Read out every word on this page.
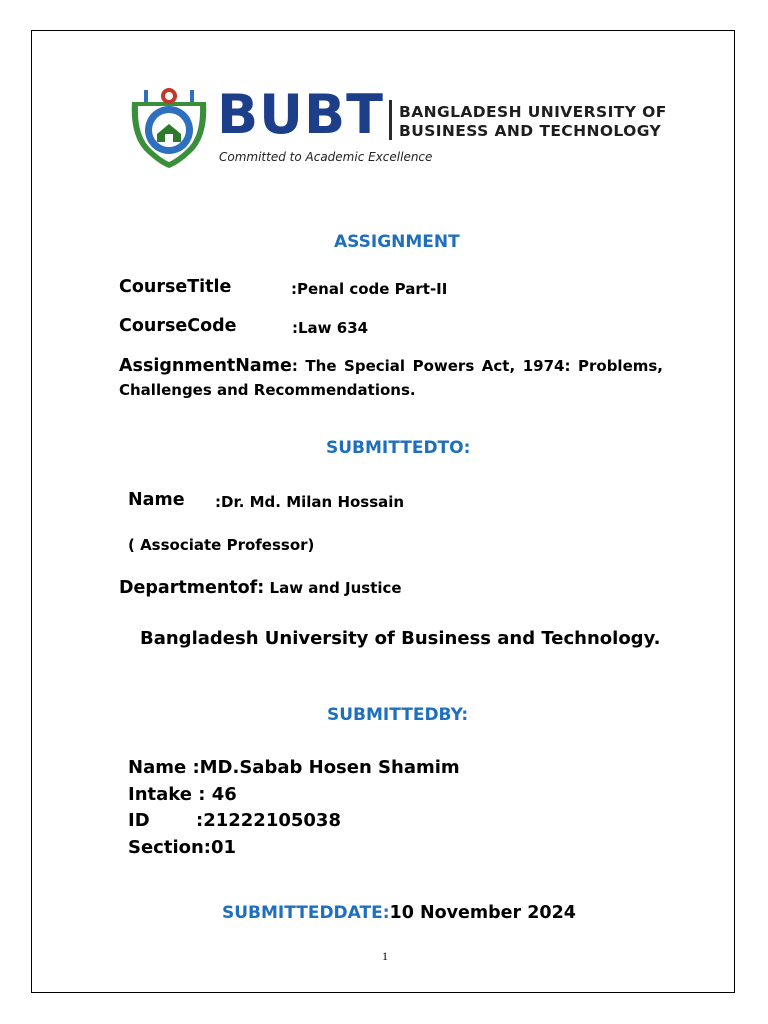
BUBT BANGLADESH UNIVERSITY OF
BUSINESS AND TECHNOLOGY
Committed to Academic Excellence
ASSIGNMENT
CourseTitle	:Penal code Part-II
CourseCode	:Law 634
AssignmentName: The Special Powers Act, 1974: Problems, Challenges and Recommendations.
SUBMITTEDTO:
Name :Dr. Md. Milan Hossain
( Associate Professor)
Departmentof: Law and Justice
Bangladesh University of Business and Technology.
SUBMITTEDBY:
Name :MD.Sabab Hosen Shamim
Intake : 46
ID	:21222105038
Section:01
SUBMITTEDDATE:10 November 2024
1
